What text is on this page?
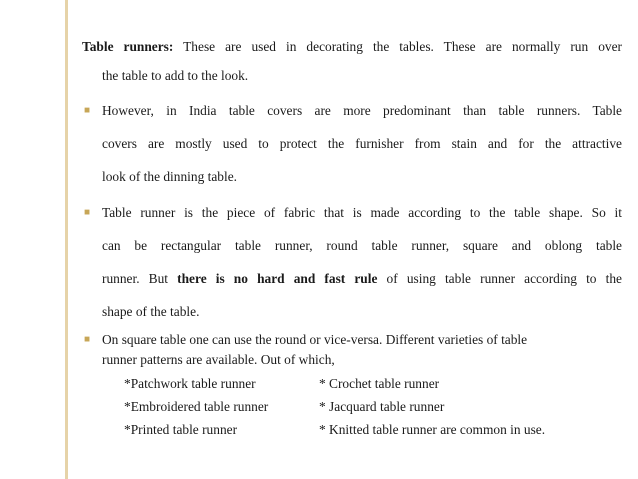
Table runners: These are used in decorating the tables. These are normally run over
the table to add to the look.
■ However, in India table covers are more predominant than table runners. Table
covers are mostly used to protect the furnisher from stain and for the attractive
look of the dinning table.
■ Table runner is the piece of fabric that is made according to the table shape. So it
can be rectangular table runner, round table runner, square and oblong table
runner. But there is no hard and fast rule of using table runner according to the
shape of the table.
■ On square table one can use the round or vice-versa. Different varieties of table
runner patterns are available. Out of which,
*Patchwork table runner	* Crochet table runner
*Embroidered table runner	* Jacquard table runner
*Printed table runner	* Knitted table runner are common in use.
